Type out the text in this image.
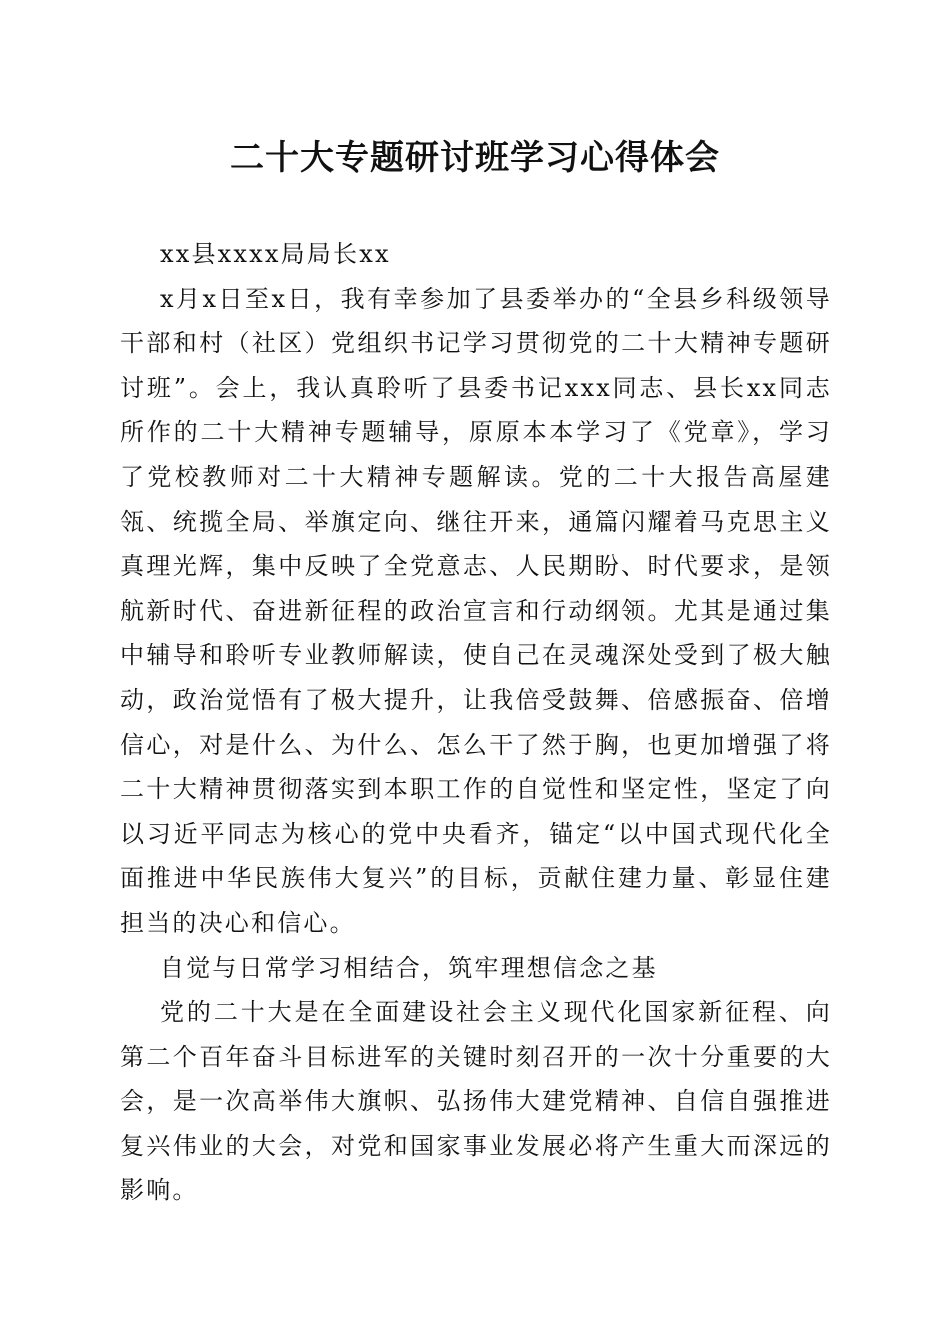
二十大专题研讨班学习心得体会

xx县xxxx局局长xx

x月x日至x日，我有幸参加了县委举办的“全县乡科级领导干部和村（社区）党组织书记学习贯彻党的二十大精神专题研讨班”。会上，我认真聆听了县委书记xxx同志、县长xx同志所作的二十大精神专题辅导，原原本本学习了《党章》，学习了党校教师对二十大精神专题解读。党的二十大报告高屋建瓴、统揽全局、举旗定向、继往开来，通篇闪耀着马克思主义真理光辉，集中反映了全党意志、人民期盼、时代要求，是领航新时代、奋进新征程的政治宣言和行动纲领。尤其是通过集中辅导和聆听专业教师解读，使自己在灵魂深处受到了极大触动，政治觉悟有了极大提升，让我倍受鼓舞、倍感振奋、倍增信心，对是什么、为什么、怎么干了然于胸，也更加增强了将二十大精神贯彻落实到本职工作的自觉性和坚定性，坚定了向以习近平同志为核心的党中央看齐，锚定“以中国式现代化全面推进中华民族伟大复兴”的目标，贡献住建力量、彰显住建担当的决心和信心。

自觉与日常学习相结合，筑牢理想信念之基

党的二十大是在全面建设社会主义现代化国家新征程、向第二个百年奋斗目标进军的关键时刻召开的一次十分重要的大会，是一次高举伟大旗帜、弘扬伟大建党精神、自信自强推进复兴伟业的大会，对党和国家事业发展必将产生重大而深远的影响。
